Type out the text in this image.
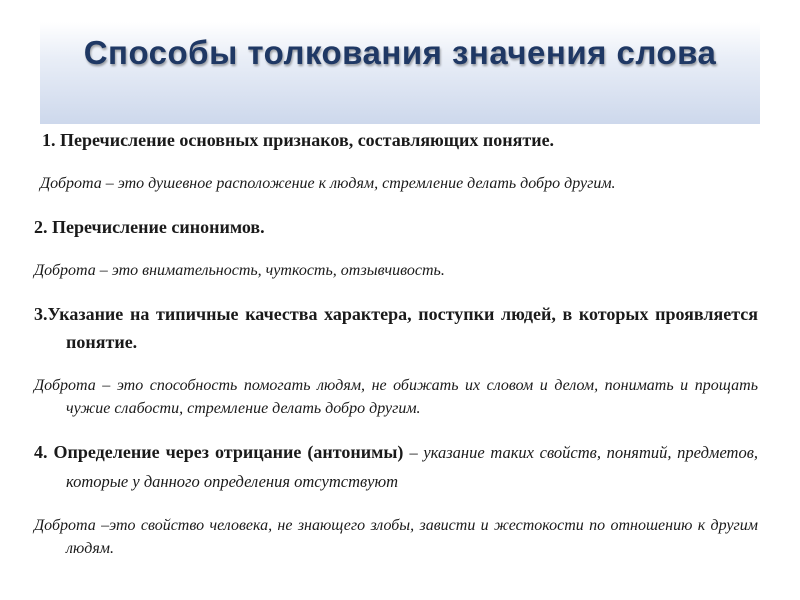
Способы толкования значения слова

1. Перечисление основных признаков, составляющих понятие.

Доброта – это душевное расположение к людям, стремление делать добро другим.

2. Перечисление синонимов.

Доброта – это внимательность, чуткость, отзывчивость.

3.Указание на типичные качества характера, поступки людей, в которых проявляется понятие.

Доброта – это способность помогать людям, не обижать их словом и делом, понимать и прощать чужие слабости, стремление делать добро другим.

4. Определение через отрицание (антонимы) – указание таких свойств, понятий, предметов, которые у данного определения отсутствуют

Доброта –это свойство человека, не знающего злобы, зависти и жестокости по отношению к другим людям.
